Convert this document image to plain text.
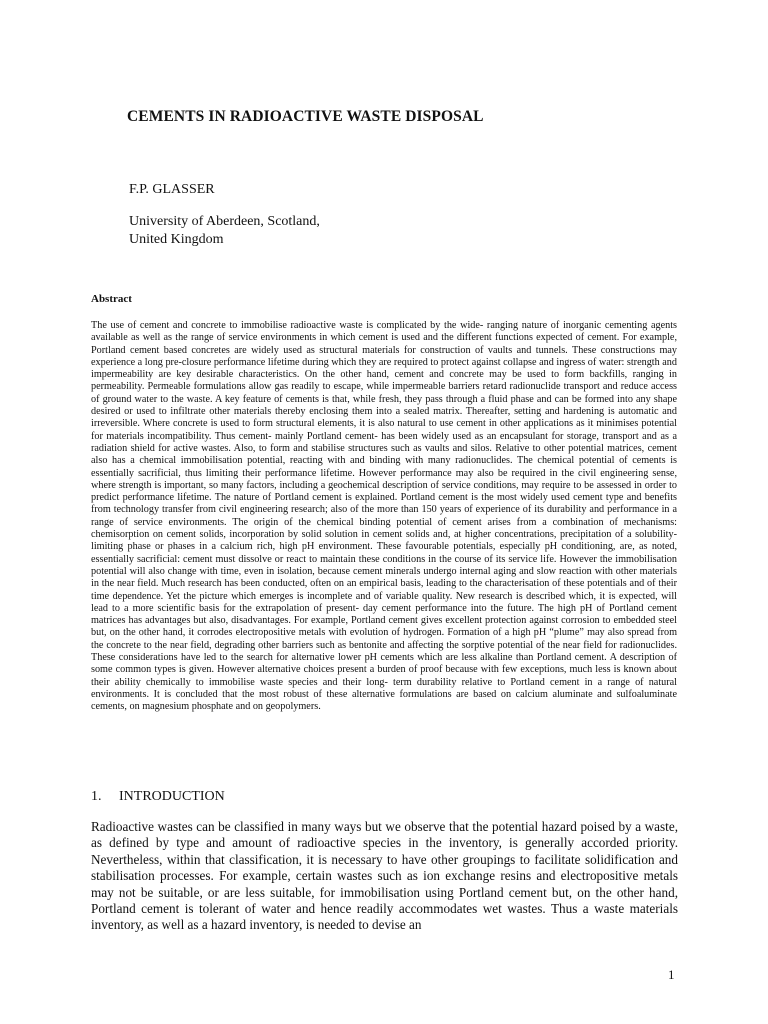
CEMENTS IN RADIOACTIVE WASTE DISPOSAL
F.P. GLASSER
University of Aberdeen, Scotland,
United Kingdom
Abstract
The use of cement and concrete to immobilise radioactive waste is complicated by the wide- ranging nature of inorganic cementing agents available as well as the range of service environments in which cement is used and the different functions expected of cement. For example, Portland cement based concretes are widely used as structural materials for construction of vaults and tunnels. These constructions may experience a long pre-closure performance lifetime during which they are required to protect against collapse and ingress of water: strength and impermeability are key desirable characteristics. On the other hand, cement and concrete may be used to form backfills, ranging in permeability. Permeable formulations allow gas readily to escape, while impermeable barriers retard radionuclide transport and reduce access of ground water to the waste. A key feature of cements is that, while fresh, they pass through a fluid phase and can be formed into any shape desired or used to infiltrate other materials thereby enclosing them into a sealed matrix. Thereafter, setting and hardening is automatic and irreversible. Where concrete is used to form structural elements, it is also natural to use cement in other applications as it minimises potential for materials incompatibility. Thus cement- mainly Portland cement- has been widely used as an encapsulant for storage, transport and as a radiation shield for active wastes. Also, to form and stabilise structures such as vaults and silos. Relative to other potential matrices, cement also has a chemical immobilisation potential, reacting with and binding with many radionuclides. The chemical potential of cements is essentially sacrificial, thus limiting their performance lifetime. However performance may also be required in the civil engineering sense, where strength is important, so many factors, including a geochemical description of service conditions, may require to be assessed in order to predict performance lifetime. The nature of Portland cement is explained. Portland cement is the most widely used cement type and benefits from technology transfer from civil engineering research; also of the more than 150 years of experience of its durability and performance in a range of service environments. The origin of the chemical binding potential of cement arises from a combination of mechanisms: chemisorption on cement solids, incorporation by solid solution in cement solids and, at higher concentrations, precipitation of a solubility-limiting phase or phases in a calcium rich, high pH environment. These favourable potentials, especially pH conditioning, are, as noted, essentially sacrificial: cement must dissolve or react to maintain these conditions in the course of its service life. However the immobilisation potential will also change with time, even in isolation, because cement minerals undergo internal aging and slow reaction with other materials in the near field. Much research has been conducted, often on an empirical basis, leading to the characterisation of these potentials and of their time dependence. Yet the picture which emerges is incomplete and of variable quality. New research is described which, it is expected, will lead to a more scientific basis for the extrapolation of present- day cement performance into the future. The high pH of Portland cement matrices has advantages but also, disadvantages. For example, Portland cement gives excellent protection against corrosion to embedded steel but, on the other hand, it corrodes electropositive metals with evolution of hydrogen. Formation of a high pH “plume” may also spread from the concrete to the near field, degrading other barriers such as bentonite and affecting the sorptive potential of the near field for radionuclides. These considerations have led to the search for alternative lower pH cements which are less alkaline than Portland cement. A description of some common types is given. However alternative choices present a burden of proof because with few exceptions, much less is known about their ability chemically to immobilise waste species and their long- term durability relative to Portland cement in a range of natural environments. It is concluded that the most robust of these alternative formulations are based on calcium aluminate and sulfoaluminate cements, on magnesium phosphate and on geopolymers.
1. INTRODUCTION
Radioactive wastes can be classified in many ways but we observe that the potential hazard poised by a waste, as defined by type and amount of radioactive species in the inventory, is generally accorded priority. Nevertheless, within that classification, it is necessary to have other groupings to facilitate solidification and stabilisation processes. For example, certain wastes such as ion exchange resins and electropositive metals may not be suitable, or are less suitable, for immobilisation using Portland cement but, on the other hand, Portland cement is tolerant of water and hence readily accommodates wet wastes. Thus a waste materials inventory, as well as a hazard inventory, is needed to devise an
1
